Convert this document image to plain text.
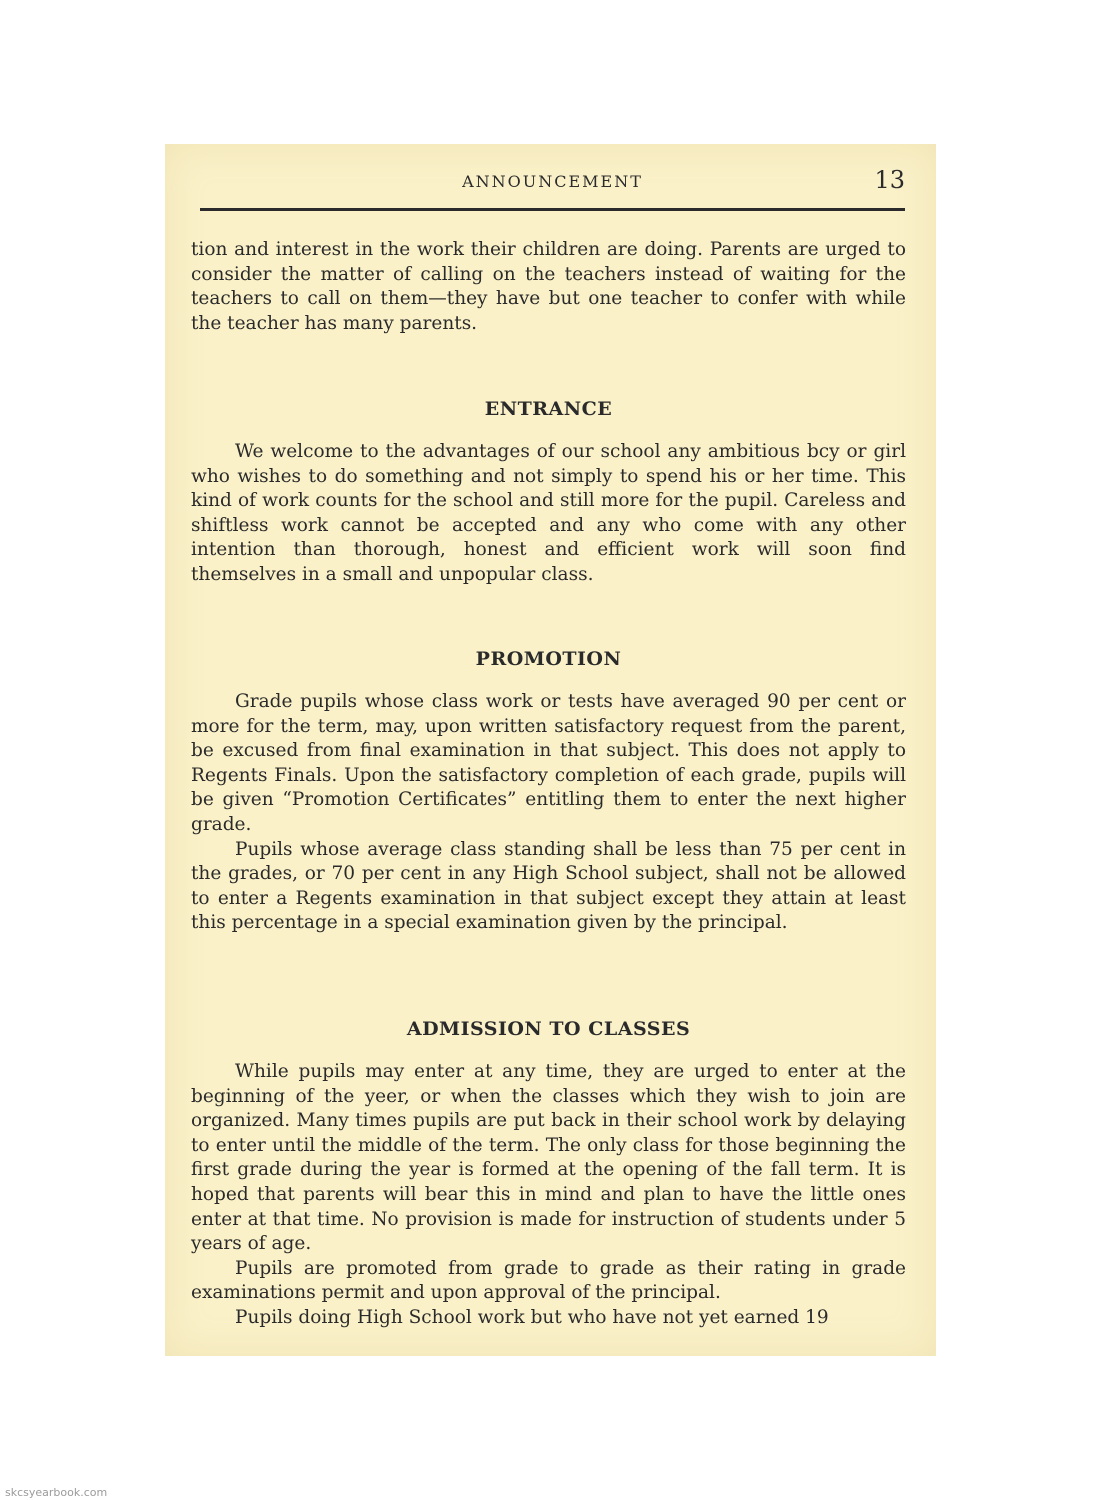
ANNOUNCEMENT	13

tion and interest in the work their children are doing. Parents are urged to consider the matter of calling on the teachers instead of waiting for the teachers to call on them—they have but one teacher to confer with while the teacher has many parents.

ENTRANCE

We welcome to the advantages of our school any ambitious bcy or girl who wishes to do something and not simply to spend his or her time. This kind of work counts for the school and still more for the pupil. Careless and shiftless work cannot be accepted and any who come with any other intention than thorough, honest and efficient work will soon find themselves in a small and unpopular class.

PROMOTION

Grade pupils whose class work or tests have averaged 90 per cent or more for the term, may, upon written satisfactory request from the parent, be excused from final examination in that subject. This does not apply to Regents Finals. Upon the satisfactory completion of each grade, pupils will be given “Promotion Certificates” entitling them to enter the next higher grade.

Pupils whose average class standing shall be less than 75 per cent in the grades, or 70 per cent in any High School subject, shall not be allowed to enter a Regents examination in that subject except they attain at least this percentage in a special examination given by the principal.

ADMISSION TO CLASSES

While pupils may enter at any time, they are urged to enter at the beginning of the yeer, or when the classes which they wish to join are organized. Many times pupils are put back in their school work by delaying to enter until the middle of the term. The only class for those beginning the first grade during the year is formed at the opening of the fall term. It is hoped that parents will bear this in mind and plan to have the little ones enter at that time. No provision is made for instruction of students under 5 years of age.

Pupils are promoted from grade to grade as their rating in grade examinations permit and upon approval of the principal.

Pupils doing High School work but who have not yet earned 19

skcsyearbook.com
